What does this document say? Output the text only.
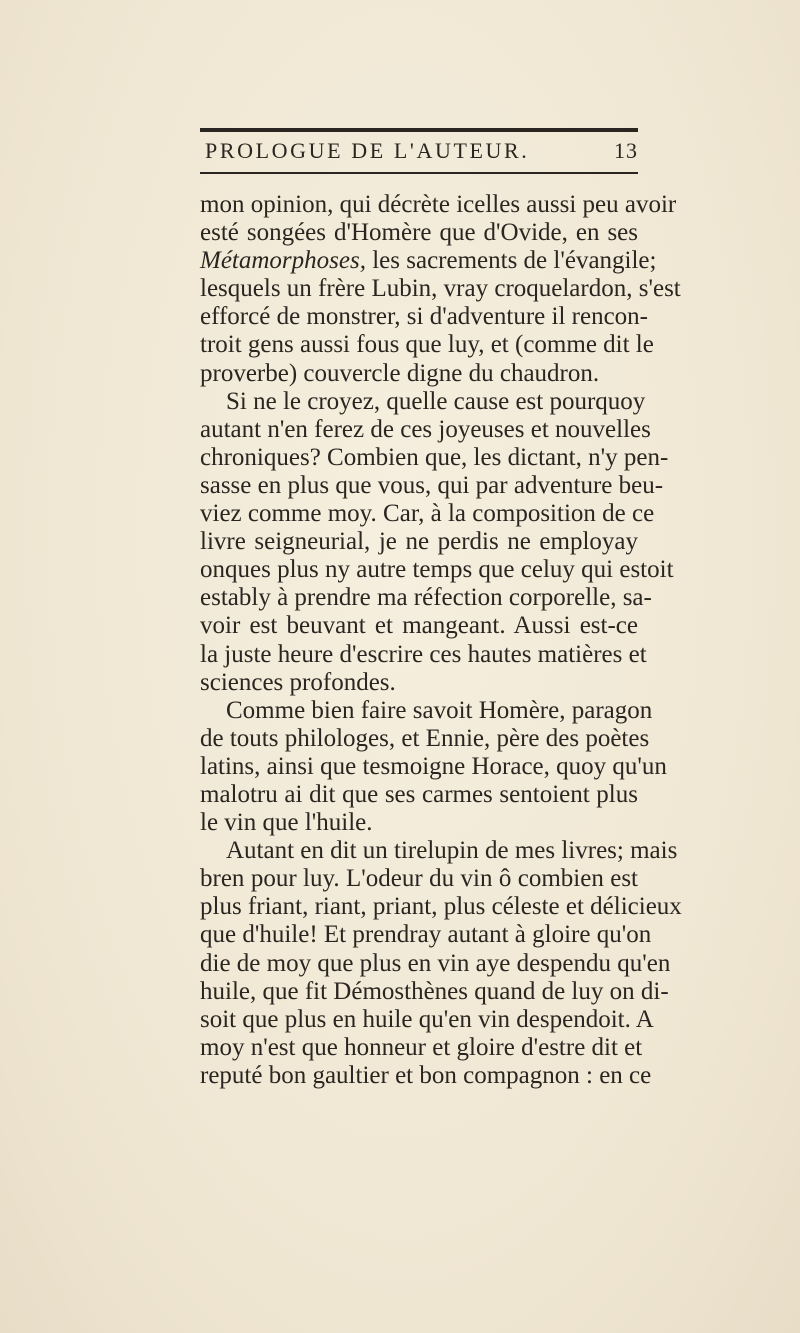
PROLOGUE DE L'AUTEUR.	13
mon opinion, qui décrète icelles aussi peu avoir
esté songées d'Homère que d'Ovide, en ses
Métamorphoses, les sacrements de l'évangile;
lesquels un frère Lubin, vray croquelardon, s'est
efforcé de monstrer, si d'adventure il rencon-
troit gens aussi fous que luy, et (comme dit le
proverbe) couvercle digne du chaudron.
Si ne le croyez, quelle cause est pourquoy
autant n'en ferez de ces joyeuses et nouvelles
chroniques? Combien que, les dictant, n'y pen-
sasse en plus que vous, qui par adventure beu-
viez comme moy. Car, à la composition de ce
livre seigneurial, je ne perdis ne employay
onques plus ny autre temps que celuy qui estoit
estably à prendre ma réfection corporelle, sa-
voir est beuvant et mangeant. Aussi est-ce
la juste heure d'escrire ces hautes matières et
sciences profondes.
Comme bien faire savoit Homère, paragon
de touts philologes, et Ennie, père des poètes
latins, ainsi que tesmoigne Horace, quoy qu'un
malotru ai dit que ses carmes sentoient plus
le vin que l'huile.
Autant en dit un tirelupin de mes livres; mais
bren pour luy. L'odeur du vin ô combien est
plus friant, riant, priant, plus céleste et délicieux
que d'huile! Et prendray autant à gloire qu'on
die de moy que plus en vin aye despendu qu'en
huile, que fit Démosthènes quand de luy on di-
soit que plus en huile qu'en vin despendoit. A
moy n'est que honneur et gloire d'estre dit et
reputé bon gaultier et bon compagnon : en ce
